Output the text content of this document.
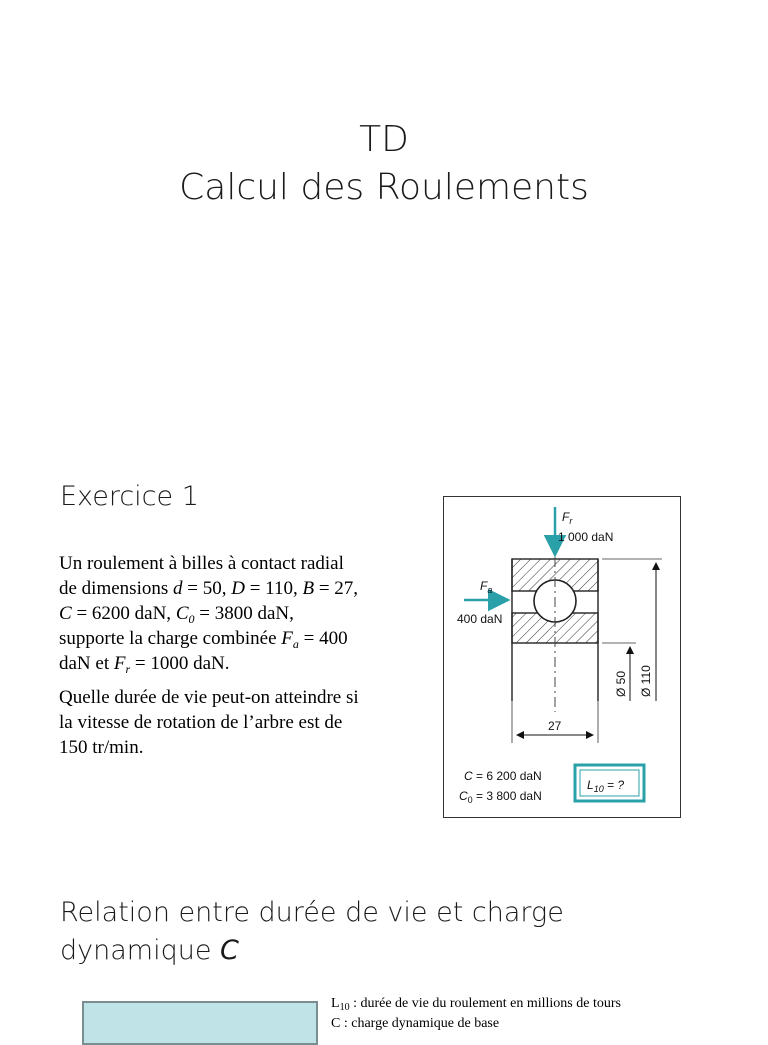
TD
Calcul des Roulements
Exercice 1

Un roulement à billes à contact radial de dimensions d = 50, D = 110, B = 27, C = 6200 daN, $C_0 = 3800$ daN, supporte la charge combinée $F_a = 400$ daN et $F_r = 1000$ daN.

Quelle durée de vie peut-on atteindre si la vitesse de rotation de l’arbre est de 150 tr/min.

$F_r$
1 000 daN
$F_a$
400 daN
Ø 110
Ø 50
27
C = 6 200 daN
$C_0 = 3$ 800 daN
$L_{10}$ = ?
Relation entre durée de vie et charge dynamique C
$L_{10}$ : durée de vie du roulement en millions de tours
C : charge dynamique de base
